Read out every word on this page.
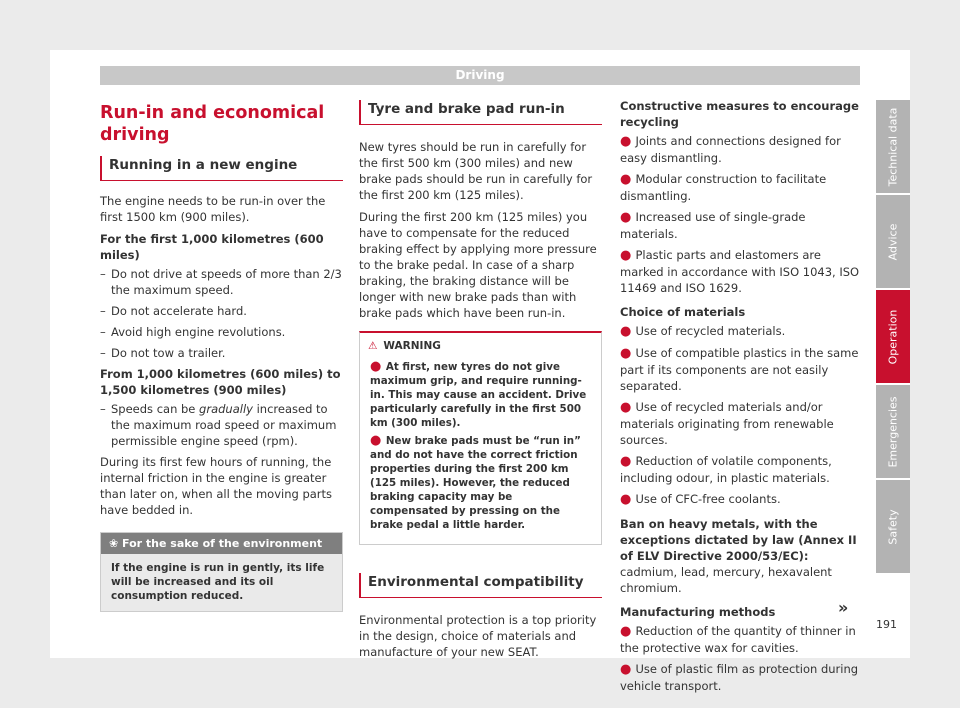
Driving
Run-in and economical driving
Running in a new engine

The engine needs to be run-in over the first 1500 km (900 miles).

For the first 1,000 kilometres (600 miles)

– Do not drive at speeds of more than 2/3 the maximum speed.
– Do not accelerate hard.
– Avoid high engine revolutions.
– Do not tow a trailer.

From 1,000 kilometres (600 miles) to 1,500 kilometres (900 miles)

– Speeds can be gradually increased to the maximum road speed or maximum permissible engine speed (rpm).

During its first few hours of running, the internal friction in the engine is greater than later on, when all the moving parts have bedded in.

❀ For the sake of the environment
If the engine is run in gently, its life will be increased and its oil consumption reduced.
Tyre and brake pad run-in

New tyres should be run in carefully for the first 500 km (300 miles) and new brake pads should be run in carefully for the first 200 km (125 miles).

During the first 200 km (125 miles) you have to compensate for the reduced braking effect by applying more pressure to the brake pedal. In case of a sharp braking, the braking distance will be longer with new brake pads than with brake pads which have been run-in.

⚠ WARNING
● At first, new tyres do not give maximum grip, and require running-in. This may cause an accident. Drive particularly carefully in the first 500 km (300 miles).
● New brake pads must be “run in” and do not have the correct friction properties during the first 200 km (125 miles). However, the reduced braking capacity may be compensated by pressing on the brake pedal a little harder.
Environmental compatibility

Environmental protection is a top priority in the design, choice of materials and manufacture of your new SEAT.

Constructive measures to encourage recycling

● Joints and connections designed for easy dismantling.
● Modular construction to facilitate dismantling.
● Increased use of single-grade materials.
● Plastic parts and elastomers are marked in accordance with ISO 1043, ISO 11469 and ISO 1629.

Choice of materials

● Use of recycled materials.
● Use of compatible plastics in the same part if its components are not easily separated.
● Use of recycled materials and/or materials originating from renewable sources.
● Reduction of volatile components, including odour, in plastic materials.
● Use of CFC-free coolants.

Ban on heavy metals, with the exceptions dictated by law (Annex II of ELV Directive 2000/53/EC): cadmium, lead, mercury, hexavalent chromium.

Manufacturing methods

● Reduction of the quantity of thinner in the protective wax for cavities.
● Use of plastic film as protection during vehicle transport.
»
Technical data
Advice
Operation
Emergencies
Safety
191
